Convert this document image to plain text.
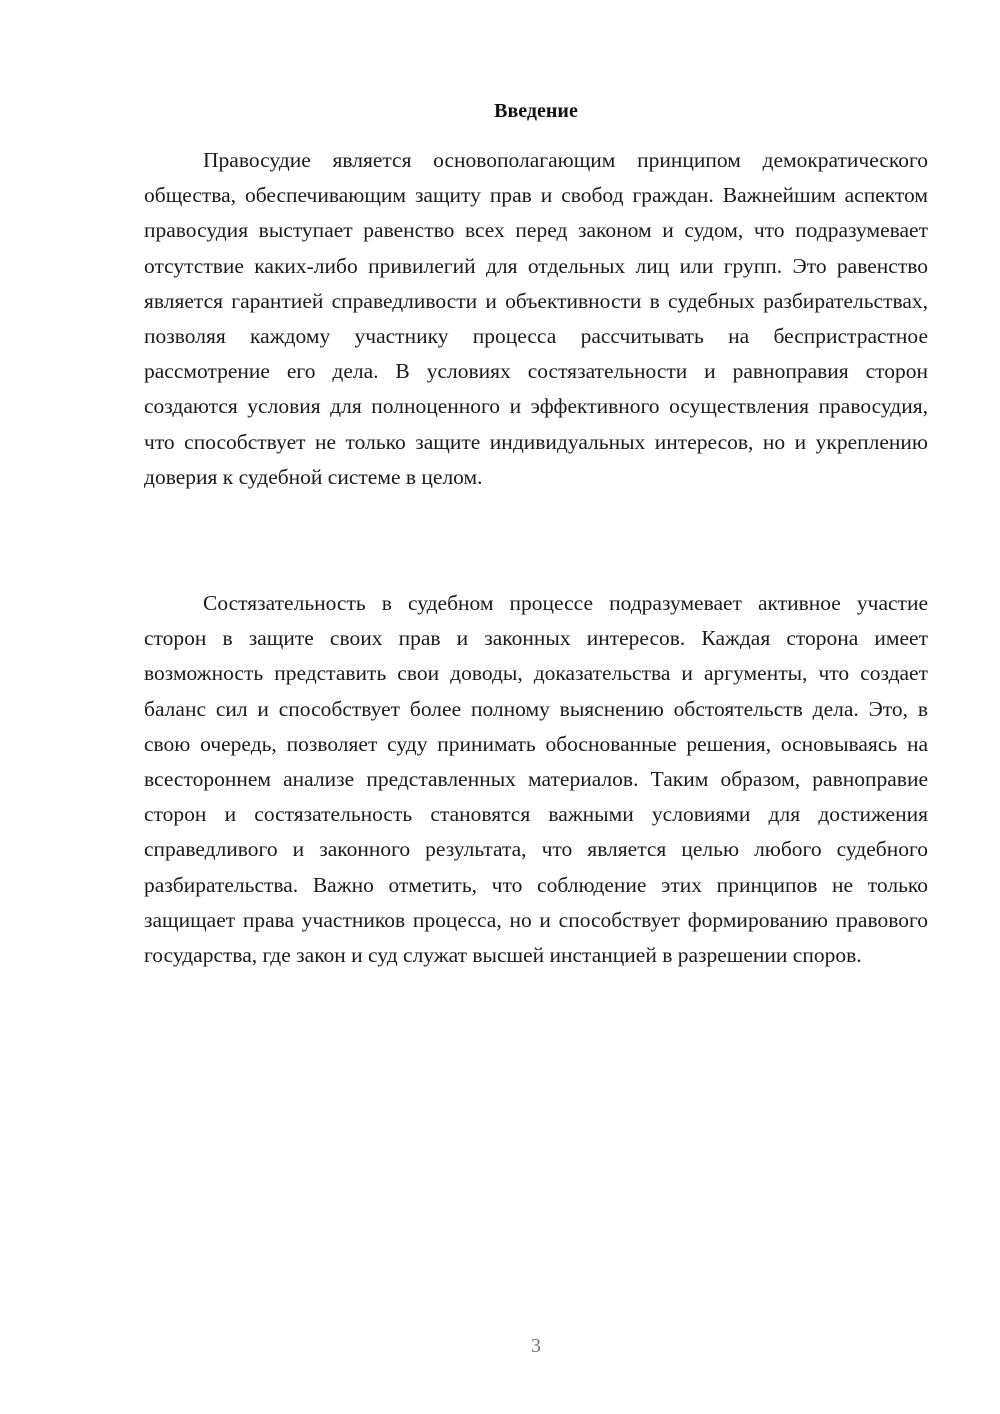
Введение

Правосудие является основополагающим принципом демократического общества, обеспечивающим защиту прав и свобод граждан. Важнейшим аспектом правосудия выступает равенство всех перед законом и судом, что подразумевает отсутствие каких-либо привилегий для отдельных лиц или групп. Это равенство является гарантией справедливости и объективности в судебных разбирательствах, позволяя каждому участнику процесса рассчитывать на беспристрастное рассмотрение его дела. В условиях состязательности и равноправия сторон создаются условия для полноценного и эффективного осуществления правосудия, что способствует не только защите индивидуальных интересов, но и укреплению доверия к судебной системе в целом.

Состязательность в судебном процессе подразумевает активное участие сторон в защите своих прав и законных интересов. Каждая сторона имеет возможность представить свои доводы, доказательства и аргументы, что создает баланс сил и способствует более полному выяснению обстоятельств дела. Это, в свою очередь, позволяет суду принимать обоснованные решения, основываясь на всестороннем анализе представленных материалов. Таким образом, равноправие сторон и состязательность становятся важными условиями для достижения справедливого и законного результата, что является целью любого судебного разбирательства. Важно отметить, что соблюдение этих принципов не только защищает права участников процесса, но и способствует формированию правового государства, где закон и суд служат высшей инстанцией в разрешении споров.

3
